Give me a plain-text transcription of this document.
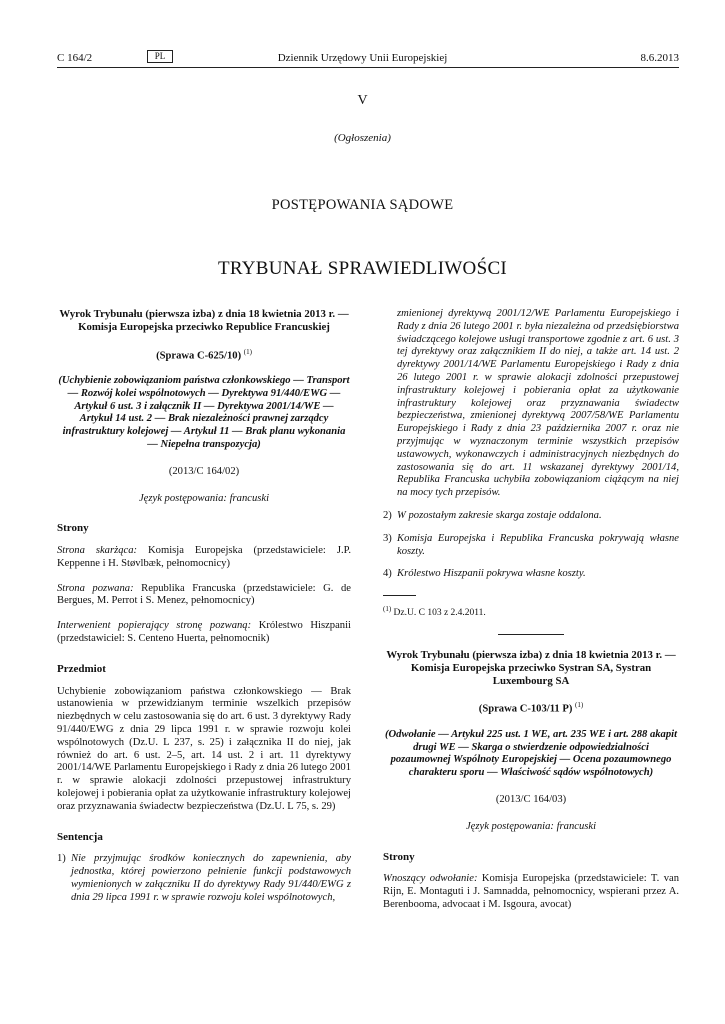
C 164/2	PL	Dziennik Urzędowy Unii Europejskiej	8.6.2013
V
(Ogłoszenia)
POSTĘPOWANIA SĄDOWE
TRYBUNAŁ SPRAWIEDLIWOŚCI
Wyrok Trybunału (pierwsza izba) z dnia 18 kwietnia 2013 r. — Komisja Europejska przeciwko Republice Francuskiej
(Sprawa C-625/10) $^{(1)}$
(Uchybienie zobowiązaniom państwa członkowskiego — Transport — Rozwój kolei wspólnotowych — Dyrektywa 91/440/EWG — Artykuł 6 ust. 3 i załącznik II — Dyrektywa 2001/14/WE — Artykuł 14 ust. 2 — Brak niezależności prawnej zarządcy infrastruktury kolejowej — Artykuł 11 — Brak planu wykonania — Niepełna transpozycja)
(2013/C 164/02)
Język postępowania: francuski
Strony
Strona skarżąca: Komisja Europejska (przedstawiciele: J.P. Keppenne i H. Støvlbæk, pełnomocnicy)
Strona pozwana: Republika Francuska (przedstawiciele: G. de Bergues, M. Perrot i S. Menez, pełnomocnicy)
Interwenient popierający stronę pozwaną: Królestwo Hiszpanii (przedstawiciel: S. Centeno Huerta, pełnomocnik)
Przedmiot
Uchybienie zobowiązaniom państwa członkowskiego — Brak ustanowienia w przewidzianym terminie wszelkich przepisów niezbędnych w celu zastosowania się do art. 6 ust. 3 dyrektywy Rady 91/440/EWG z dnia 29 lipca 1991 r. w sprawie rozwoju kolei wspólnotowych (Dz.U. L 237, s. 25) i załącznika II do niej, jak również do art. 6 ust. 2–5, art. 14 ust. 2 i art. 11 dyrektywy 2001/14/WE Parlamentu Europejskiego i Rady z dnia 26 lutego 2001 r. w sprawie alokacji zdolności przepustowej infrastruktury kolejowej i pobierania opłat za użytkowanie infrastruktury kolejowej oraz przyznawania świadectw bezpieczeństwa (Dz.U. L 75, s. 29)
Sentencja
1) Nie przyjmując środków koniecznych do zapewnienia, aby jednostka, której powierzono pełnienie funkcji podstawowych wymienionych w załączniku II do dyrektywy Rady 91/440/EWG z dnia 29 lipca 1991 r. w sprawie rozwoju kolei wspólnotowych,
zmienionej dyrektywą 2001/12/WE Parlamentu Europejskiego i Rady z dnia 26 lutego 2001 r. była niezależna od przedsiębiorstwa świadczącego kolejowe usługi transportowe zgodnie z art. 6 ust. 3 tej dyrektywy oraz załącznikiem II do niej, a także art. 14 ust. 2 dyrektywy 2001/14/WE Parlamentu Europejskiego i Rady z dnia 26 lutego 2001 r. w sprawie alokacji zdolności przepustowej infrastruktury kolejowej i pobierania opłat za użytkowanie infrastruktury kolejowej oraz przyznawania świadectw bezpieczeństwa, zmienionej dyrektywą 2007/58/WE Parlamentu Europejskiego i Rady z dnia 23 października 2007 r. oraz nie przyjmując w wyznaczonym terminie wszystkich przepisów ustawowych, wykonawczych i administracyjnych niezbędnych do zastosowania się do art. 11 wskazanej dyrektywy 2001/14, Republika Francuska uchybiła zobowiązaniom ciążącym na niej na mocy tych przepisów.
2) W pozostałym zakresie skarga zostaje oddalona.
3) Komisja Europejska i Republika Francuska pokrywają własne koszty.
4) Królestwo Hiszpanii pokrywa własne koszty.
$^{(1)}$ Dz.U. C 103 z 2.4.2011.
Wyrok Trybunału (pierwsza izba) z dnia 18 kwietnia 2013 r. — Komisja Europejska przeciwko Systran SA, Systran Luxembourg SA
(Sprawa C-103/11 P) $^{(1)}$
(Odwołanie — Artykuł 225 ust. 1 WE, art. 235 WE i art. 288 akapit drugi WE — Skarga o stwierdzenie odpowiedzialności pozaumownej Wspólnoty Europejskiej — Ocena pozaumownego charakteru sporu — Właściwość sądów wspólnotowych)
(2013/C 164/03)
Język postępowania: francuski
Strony
Wnoszący odwołanie: Komisja Europejska (przedstawiciele: T. van Rijn, E. Montaguti i J. Samnadda, pełnomocnicy, wspierani przez A. Berenbooma, advocaat i M. Isgoura, avocat)
